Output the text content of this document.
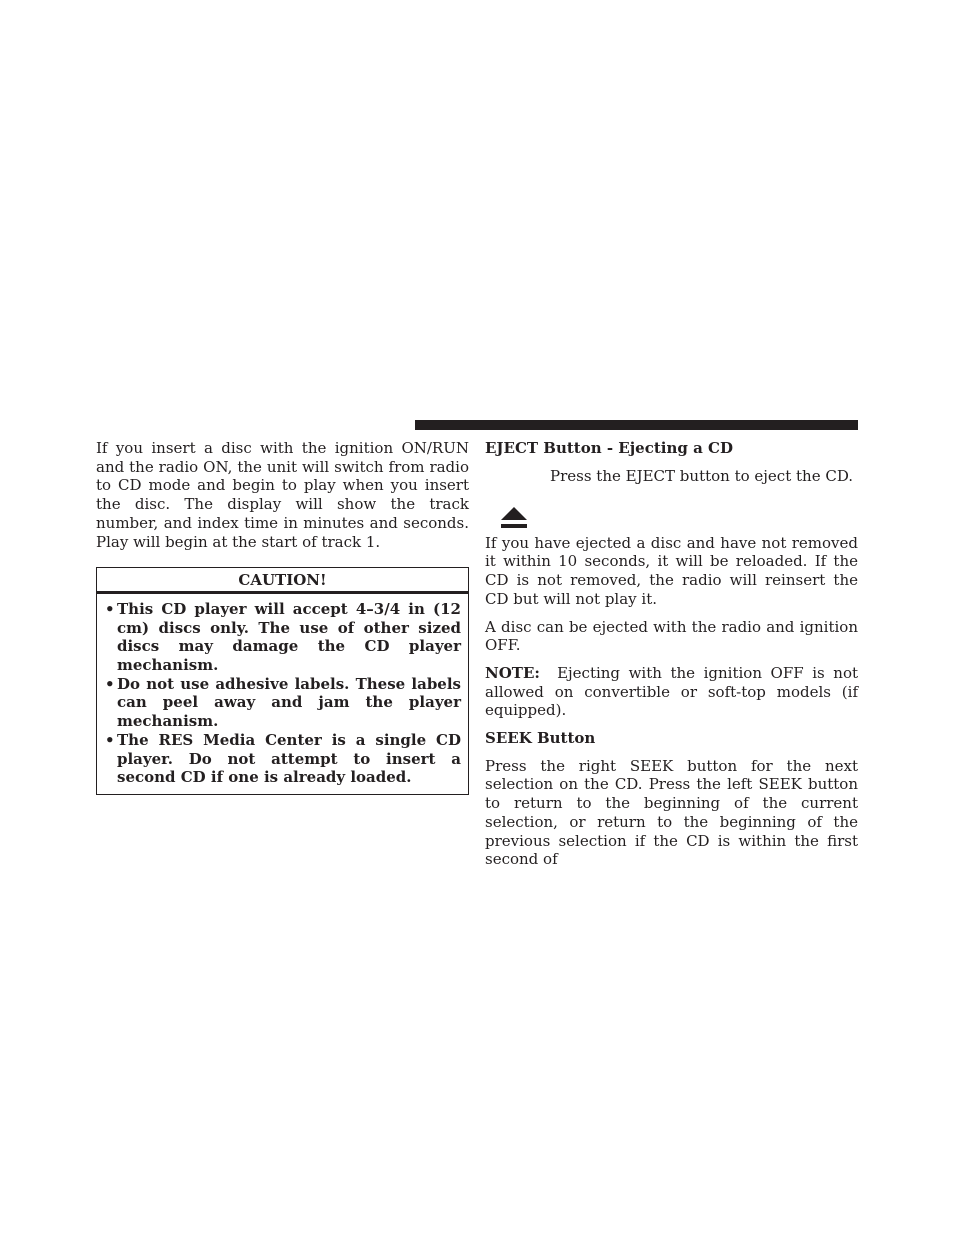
If you insert a disc with the ignition ON/RUN and the radio ON, the unit will switch from radio to CD mode and begin to play when you insert the disc. The display will show the track number, and index time in minutes and seconds. Play will begin at the start of track 1.

CAUTION!
• This CD player will accept 4–3/4 in (12 cm) discs only. The use of other sized discs may damage the CD player mechanism.
• Do not use adhesive labels. These labels can peel away and jam the player mechanism.
• The RES Media Center is a single CD player. Do not attempt to insert a second CD if one is already loaded.

EJECT Button - Ejecting a CD

Press the EJECT button to eject the CD.

If you have ejected a disc and have not removed it within 10 seconds, it will be reloaded. If the CD is not removed, the radio will reinsert the CD but will not play it.

A disc can be ejected with the radio and ignition OFF.

NOTE: Ejecting with the ignition OFF is not allowed on convertible or soft-top models (if equipped).

SEEK Button

Press the right SEEK button for the next selection on the CD. Press the left SEEK button to return to the beginning of the current selection, or return to the beginning of the previous selection if the CD is within the first second of
